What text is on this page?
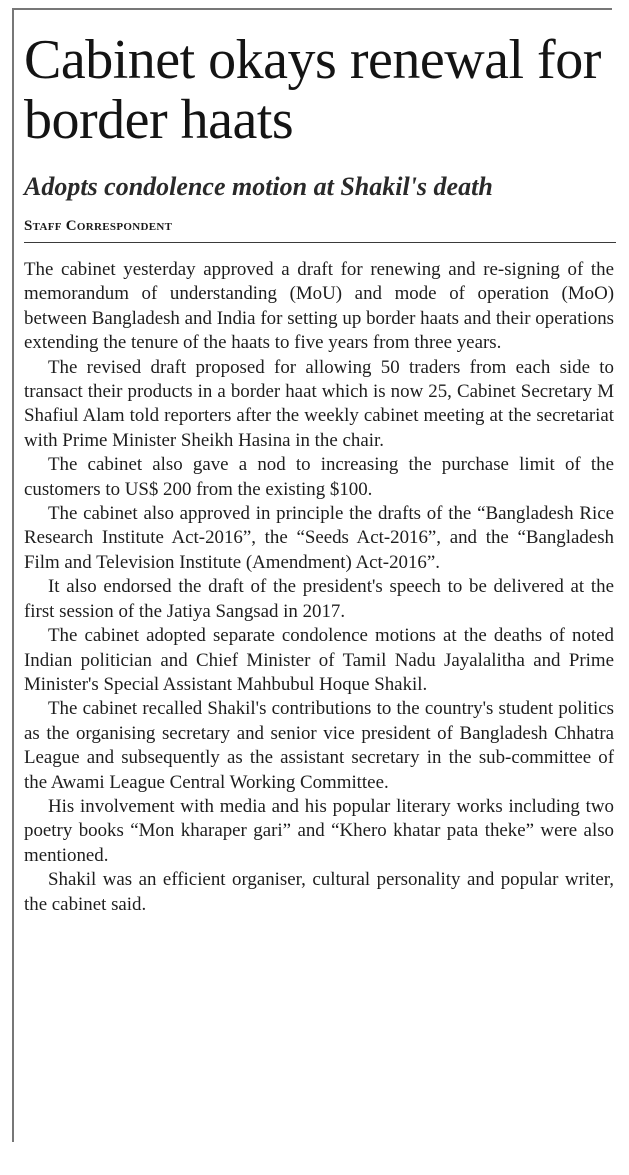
Cabinet okays renewal for border haats
Adopts condolence motion at Shakil's death
Staff Correspondent

The cabinet yesterday approved a draft for renewing and re-signing of the memorandum of understanding (MoU) and mode of operation (MoO) between Bangladesh and India for setting up border haats and their operations extending the tenure of the haats to five years from three years.

The revised draft proposed for allowing 50 traders from each side to transact their products in a border haat which is now 25, Cabinet Secretary M Shafiul Alam told reporters after the weekly cabinet meeting at the secretariat with Prime Minister Sheikh Hasina in the chair.

The cabinet also gave a nod to increasing the purchase limit of the customers to US$ 200 from the existing $100.

The cabinet also approved in principle the drafts of the “Bangladesh Rice Research Institute Act-2016”, the “Seeds Act-2016”, and the “Bangladesh Film and Television Institute (Amendment) Act-2016”.

It also endorsed the draft of the president's speech to be delivered at the first session of the Jatiya Sangsad in 2017.

The cabinet adopted separate condolence motions at the deaths of noted Indian politician and Chief Minister of Tamil Nadu Jayalalitha and Prime Minister's Special Assistant Mahbubul Hoque Shakil.

The cabinet recalled Shakil's contributions to the country's student politics as the organising secretary and senior vice president of Bangladesh Chhatra League and subsequently as the assistant secretary in the sub-committee of the Awami League Central Working Committee.

His involvement with media and his popular literary works including two poetry books “Mon kharaper gari” and “Khero khatar pata theke” were also mentioned.

Shakil was an efficient organiser, cultural personality and popular writer, the cabinet said.
